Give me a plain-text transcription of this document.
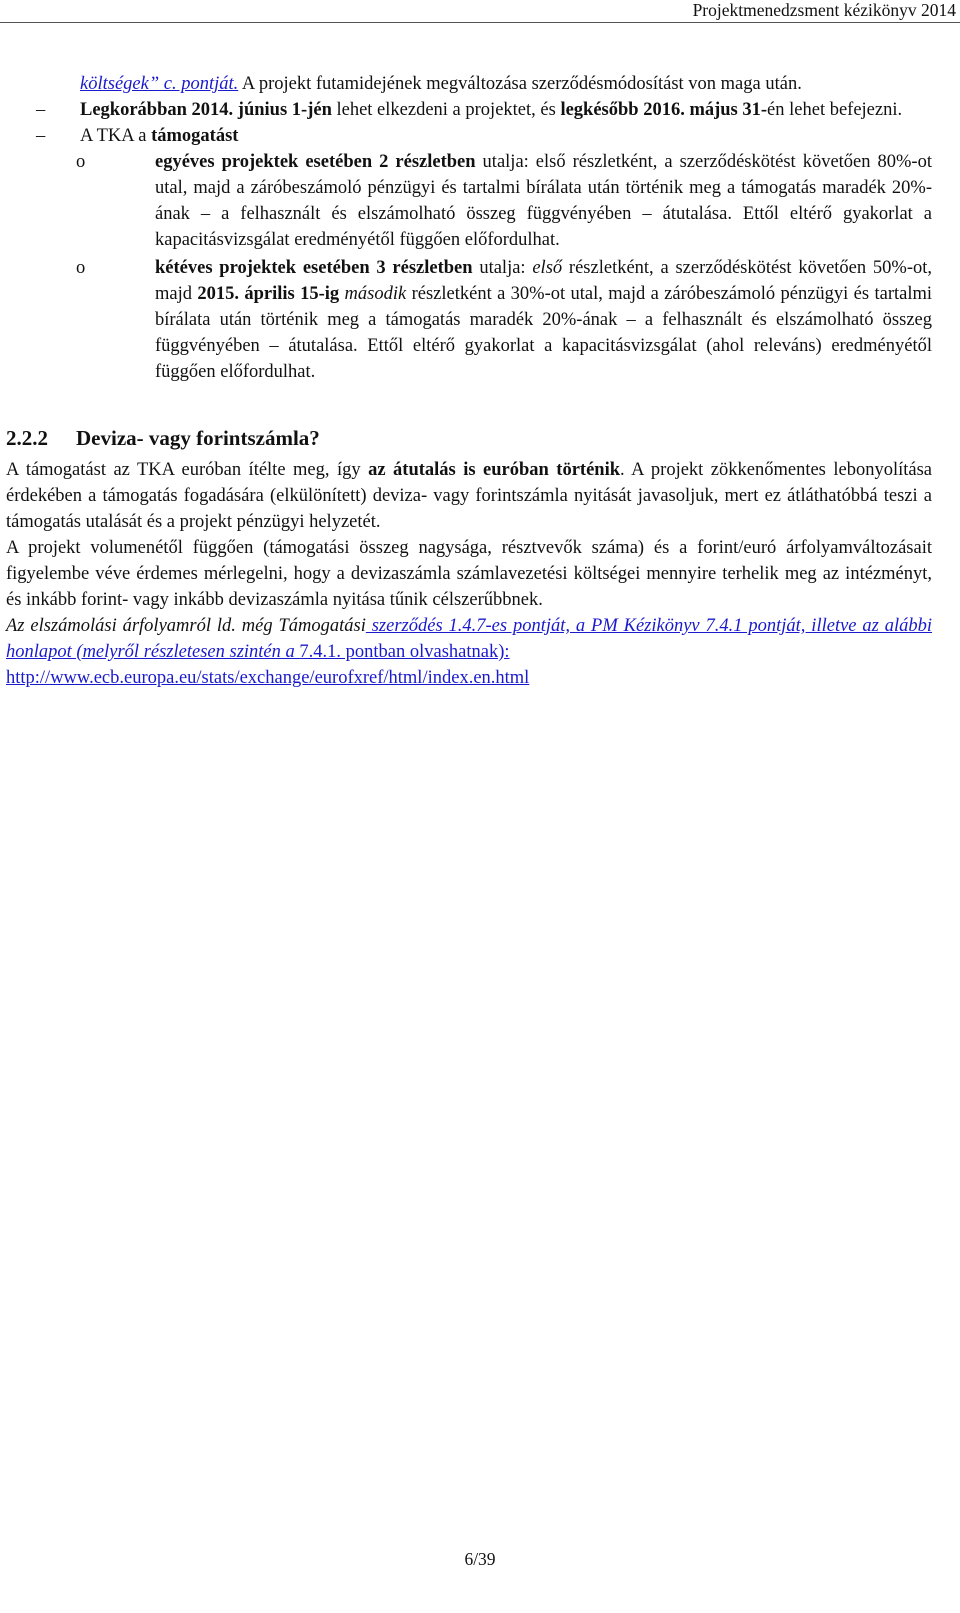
Projektmenedzsment kézikönyv 2014
költségek” c. pontját. A projekt futamidejének megváltozása szerződésmódosítást von maga után.
– Legkorábban 2014. június 1-jén lehet elkezdeni a projektet, és legkésőbb 2016. május 31-én lehet befejezni.
– A TKA a támogatást
o	egyéves projektek esetében 2 részletben utalja: első részletként, a szerződéskötést követően 80%-ot utal, majd a záróbeszámoló pénzügyi és tartalmi bírálata után történik meg a támogatás maradék 20%-ának – a felhasznált és elszámolható összeg függvényében – átutalása. Ettől eltérő gyakorlat a kapacitásvizsgálat eredményétől függően előfordulhat.
o	kétéves projektek esetében 3 részletben utalja: első részletként, a szerződéskötést követően 50%-ot, majd 2015. április 15-ig második részletként a 30%-ot utal, majd a záróbeszámoló pénzügyi és tartalmi bírálata után történik meg a támogatás maradék 20%-ának – a felhasznált és elszámolható összeg függvényében – átutalása. Ettől eltérő gyakorlat a kapacitásvizsgálat (ahol releváns) eredményétől függően előfordulhat.
2.2.2 Deviza- vagy forintszámla?
A támogatást az TKA euróban ítélte meg, így az átutalás is euróban történik. A projekt zökkenőmentes lebonyolítása érdekében a támogatás fogadására (elkülönített) deviza- vagy forintszámla nyitását javasoljuk, mert ez átláthatóbbá teszi a támogatás utalását és a projekt pénzügyi helyzetét.
A projekt volumenétől függően (támogatási összeg nagysága, résztvevők száma) és a forint/euró árfolyamváltozásait figyelembe véve érdemes mérlegelni, hogy a devizaszámla számlavezetési költségei mennyire terhelik meg az intézményt, és inkább forint- vagy inkább devizaszámla nyitása tűnik célszerűbbnek.
Az elszámolási árfolyamról ld. még Támogatási szerződés 1.4.7-es pontját, a PM Kézikönyv 7.4.1 pontját, illetve az alábbi honlapot (melyről részletesen szintén a 7.4.1. pontban olvashatnak):
http://www.ecb.europa.eu/stats/exchange/eurofxref/html/index.en.html
6/39
